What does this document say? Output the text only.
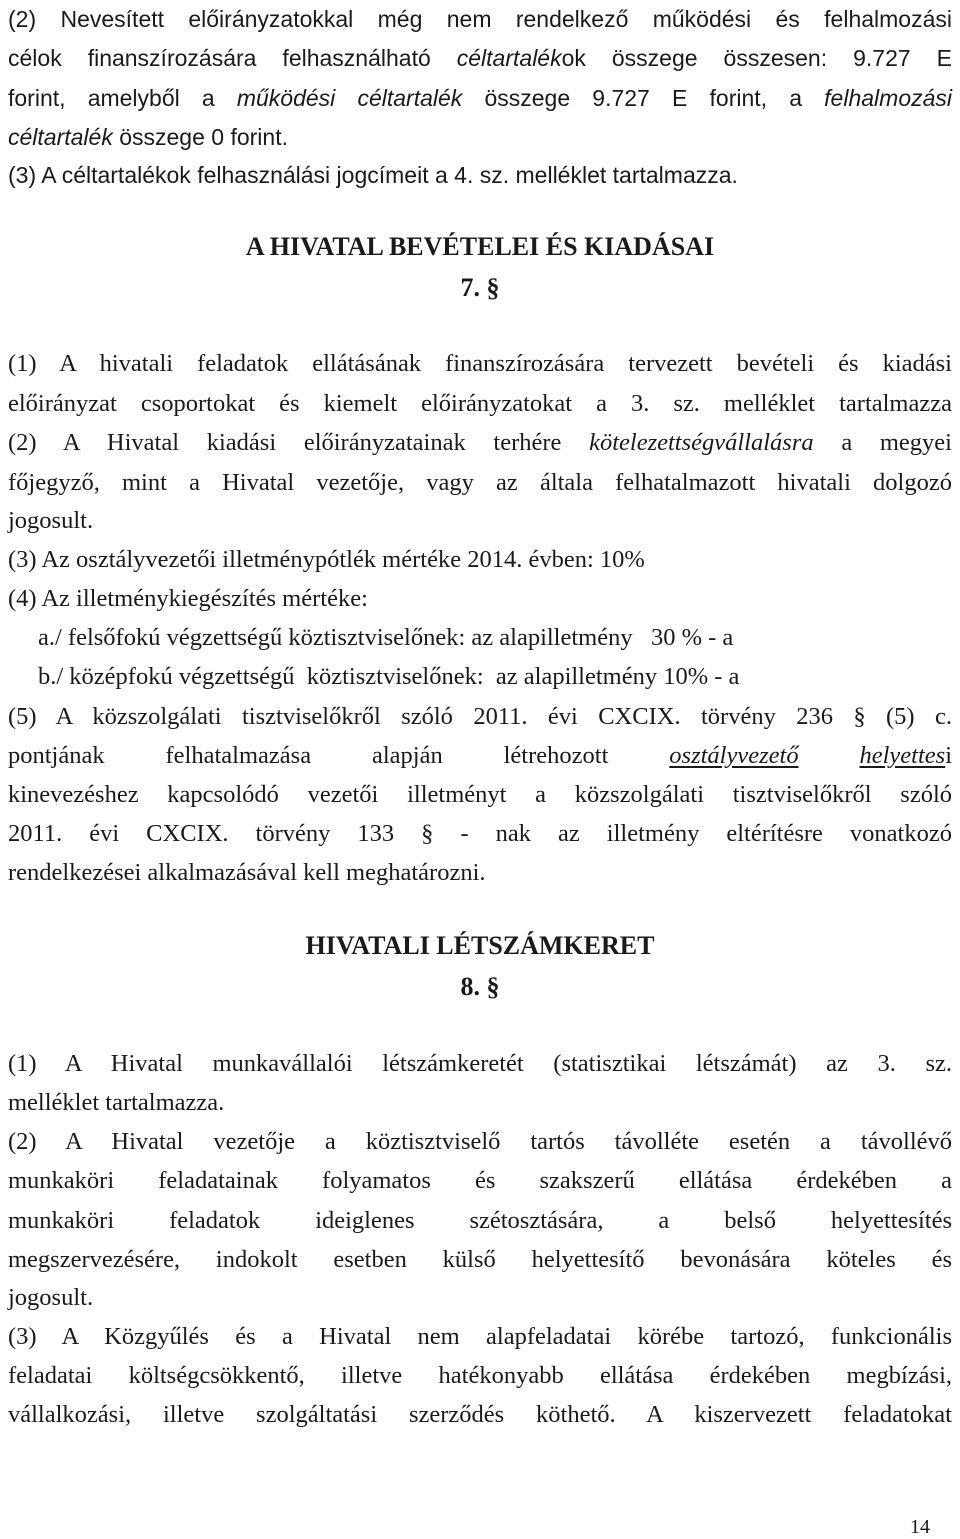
(2) Nevesített előirányzatokkal még nem rendelkező működési és felhalmozási
célok finanszírozására felhasználható céltartalékok összege összesen: 9.727 E
forint, amelyből a működési céltartalék összege 9.727 E forint, a felhalmozási
céltartalék összege 0 forint.
(3) A céltartalékok felhasználási jogcímeit a 4. sz. melléklet tartalmazza.
A HIVATAL BEVÉTELEI ÉS KIADÁSAI
7. §
(1) A hivatali feladatok ellátásának finanszírozására tervezett bevételi és kiadási
előirányzat csoportokat és kiemelt előirányzatokat a 3. sz. melléklet tartalmazza
(2) A Hivatal kiadási előirányzatainak terhére kötelezettségvállalásra a megyei
főjegyző, mint a Hivatal vezetője, vagy az általa felhatalmazott hivatali dolgozó
jogosult.
(3) Az osztályvezetői illetménypótlék mértéke 2014. évben: 10%
(4) Az illetménykiegészítés mértéke:
a./ felsőfokú végzettségű köztisztviselőnek: az alapilletmény   30 % - a
b./ középfokú végzettségű  köztisztviselőnek:  az alapilletmény 10% - a
(5) A közszolgálati tisztviselőkről szóló 2011. évi CXCIX. törvény 236 § (5) c.
pontjának felhatalmazása alapján létrehozott osztályvezető helyettesi
kinevezéshez kapcsolódó vezetői illetményt a közszolgálati tisztviselőkről szóló
2011. évi CXCIX. törvény 133 § - nak az illetmény eltérítésre vonatkozó
rendelkezései alkalmazásával kell meghatározni.
HIVATALI LÉTSZÁMKERET
8. §
(1) A Hivatal munkavállalói létszámkeretét (statisztikai létszámát) az 3. sz.
melléklet tartalmazza.
(2) A Hivatal vezetője a köztisztviselő tartós távolléte esetén a távollévő
munkaköri feladatainak folyamatos és szakszerű ellátása érdekében a
munkaköri feladatok ideiglenes szétosztására, a belső helyettesítés
megszervezésére, indokolt esetben külső helyettesítő bevonására köteles és
jogosult.
(3) A Közgyűlés és a Hivatal nem alapfeladatai körébe tartozó, funkcionális
feladatai költségcsökkentő, illetve hatékonyabb ellátása érdekében megbízási,
vállalkozási, illetve szolgáltatási szerződés köthető. A kiszervezett feladatokat
14
